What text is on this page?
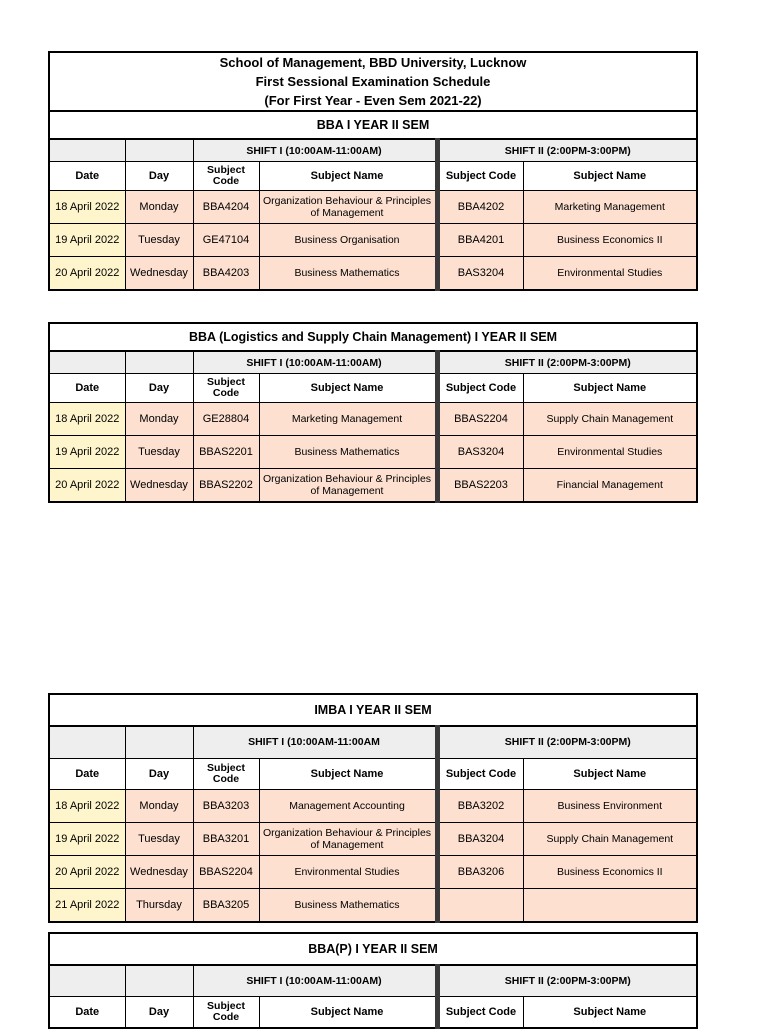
School of Management, BBD University, Lucknow					
First Sessional Examination Schedule					
(For First Year - Even Sem 2021-22)					
BBA I YEAR II SEM					
		SHIFT I (10:00AM-11:00AM)		SHIFT II (2:00PM-3:00PM)	
Date	Day	Subject Code	Subject Name	Subject Code	Subject Name
18 April 2022	Monday	BBA4204	Organization Behaviour & Principles of Management	BBA4202	Marketing Management
19 April 2022	Tuesday	GE47104	Business Organisation	BBA4201	Business Economics II
20 April 2022	Wednesday	BBA4203	Business Mathematics	BAS3204	Environmental Studies
BBA (Logistics and Supply Chain Management) I YEAR II SEM					
		SHIFT I (10:00AM-11:00AM)		SHIFT II (2:00PM-3:00PM)	
Date	Day	Subject Code	Subject Name	Subject Code	Subject Name
18 April 2022	Monday	GE28804	Marketing Management	BBAS2204	Supply Chain Management
19 April 2022	Tuesday	BBAS2201	Business Mathematics	BAS3204	Environmental Studies
20 April 2022	Wednesday	BBAS2202	Organization Behaviour & Principles of Management	BBAS2203	Financial Management
IMBA I YEAR II SEM					
		SHIFT I (10:00AM-11:00AM		SHIFT II (2:00PM-3:00PM)	
Date	Day	Subject Code	Subject Name	Subject Code	Subject Name
18 April 2022	Monday	BBA3203	Management Accounting	BBA3202	Business Environment
19 April 2022	Tuesday	BBA3201	Organization Behaviour & Principles of Management	BBA3204	Supply Chain Management
20 April 2022	Wednesday	BBAS2204	Environmental Studies	BBA3206	Business Economics II
21 April 2022	Thursday	BBA3205	Business Mathematics		
BBA(P) I YEAR II SEM					
		SHIFT I (10:00AM-11:00AM)		SHIFT II (2:00PM-3:00PM)	
Date	Day	Subject Code	Subject Name	Subject Code	Subject Name
